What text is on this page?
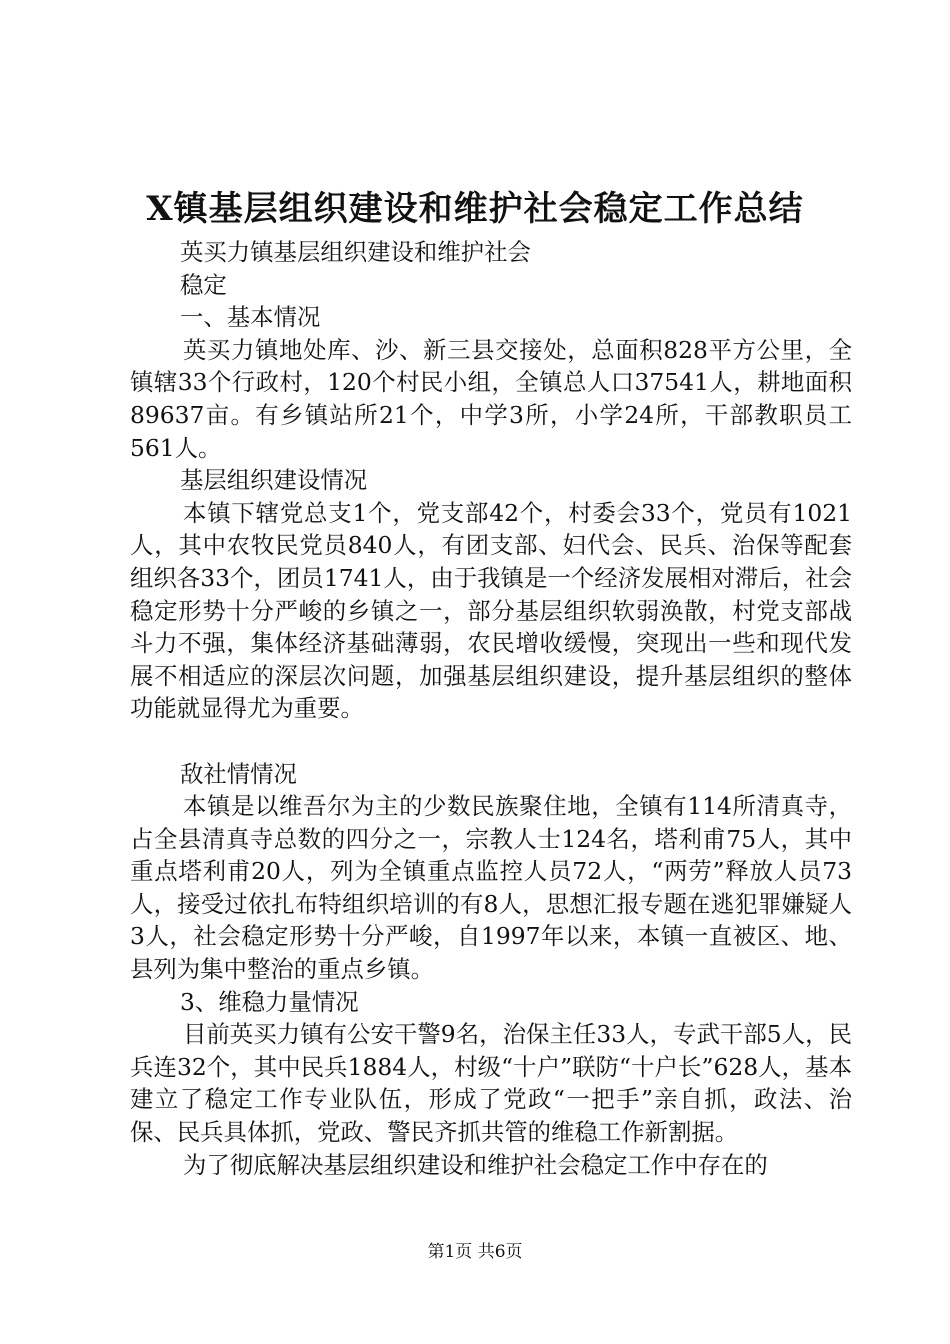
X镇基层组织建设和维护社会稳定工作总结

英买力镇基层组织建设和维护社会

稳定

一、基本情况

英买力镇地处库、沙、新三县交接处，总面积828平方公里，全镇辖33个行政村，120个村民小组，全镇总人口37541人，耕地面积89637亩。有乡镇站所21个，中学3所，小学24所，干部教职员工561人。

基层组织建设情况

本镇下辖党总支1个，党支部42个，村委会33个，党员有1021人，其中农牧民党员840人，有团支部、妇代会、民兵、治保等配套组织各33个，团员1741人，由于我镇是一个经济发展相对滞后，社会稳定形势十分严峻的乡镇之一，部分基层组织软弱涣散，村党支部战斗力不强，集体经济基础薄弱，农民增收缓慢，突现出一些和现代发展不相适应的深层次问题，加强基层组织建设，提升基层组织的整体功能就显得尤为重要。

敌社情情况

本镇是以维吾尔为主的少数民族聚住地，全镇有114所清真寺，占全县清真寺总数的四分之一，宗教人士124名，塔利甫75人，其中重点塔利甫20人，列为全镇重点监控人员72人，“两劳”释放人员73人，接受过依扎布特组织培训的有8人，思想汇报专题在逃犯罪嫌疑人3人，社会稳定形势十分严峻，自1997年以来，本镇一直被区、地、县列为集中整治的重点乡镇。

3、维稳力量情况

目前英买力镇有公安干警9名，治保主任33人，专武干部5人，民兵连32个，其中民兵1884人，村级“十户”联防“十户长”628人，基本建立了稳定工作专业队伍，形成了党政“一把手”亲自抓，政法、治保、民兵具体抓，党政、警民齐抓共管的维稳工作新割据。

为了彻底解决基层组织建设和维护社会稳定工作中存在的

第1页 共6页
